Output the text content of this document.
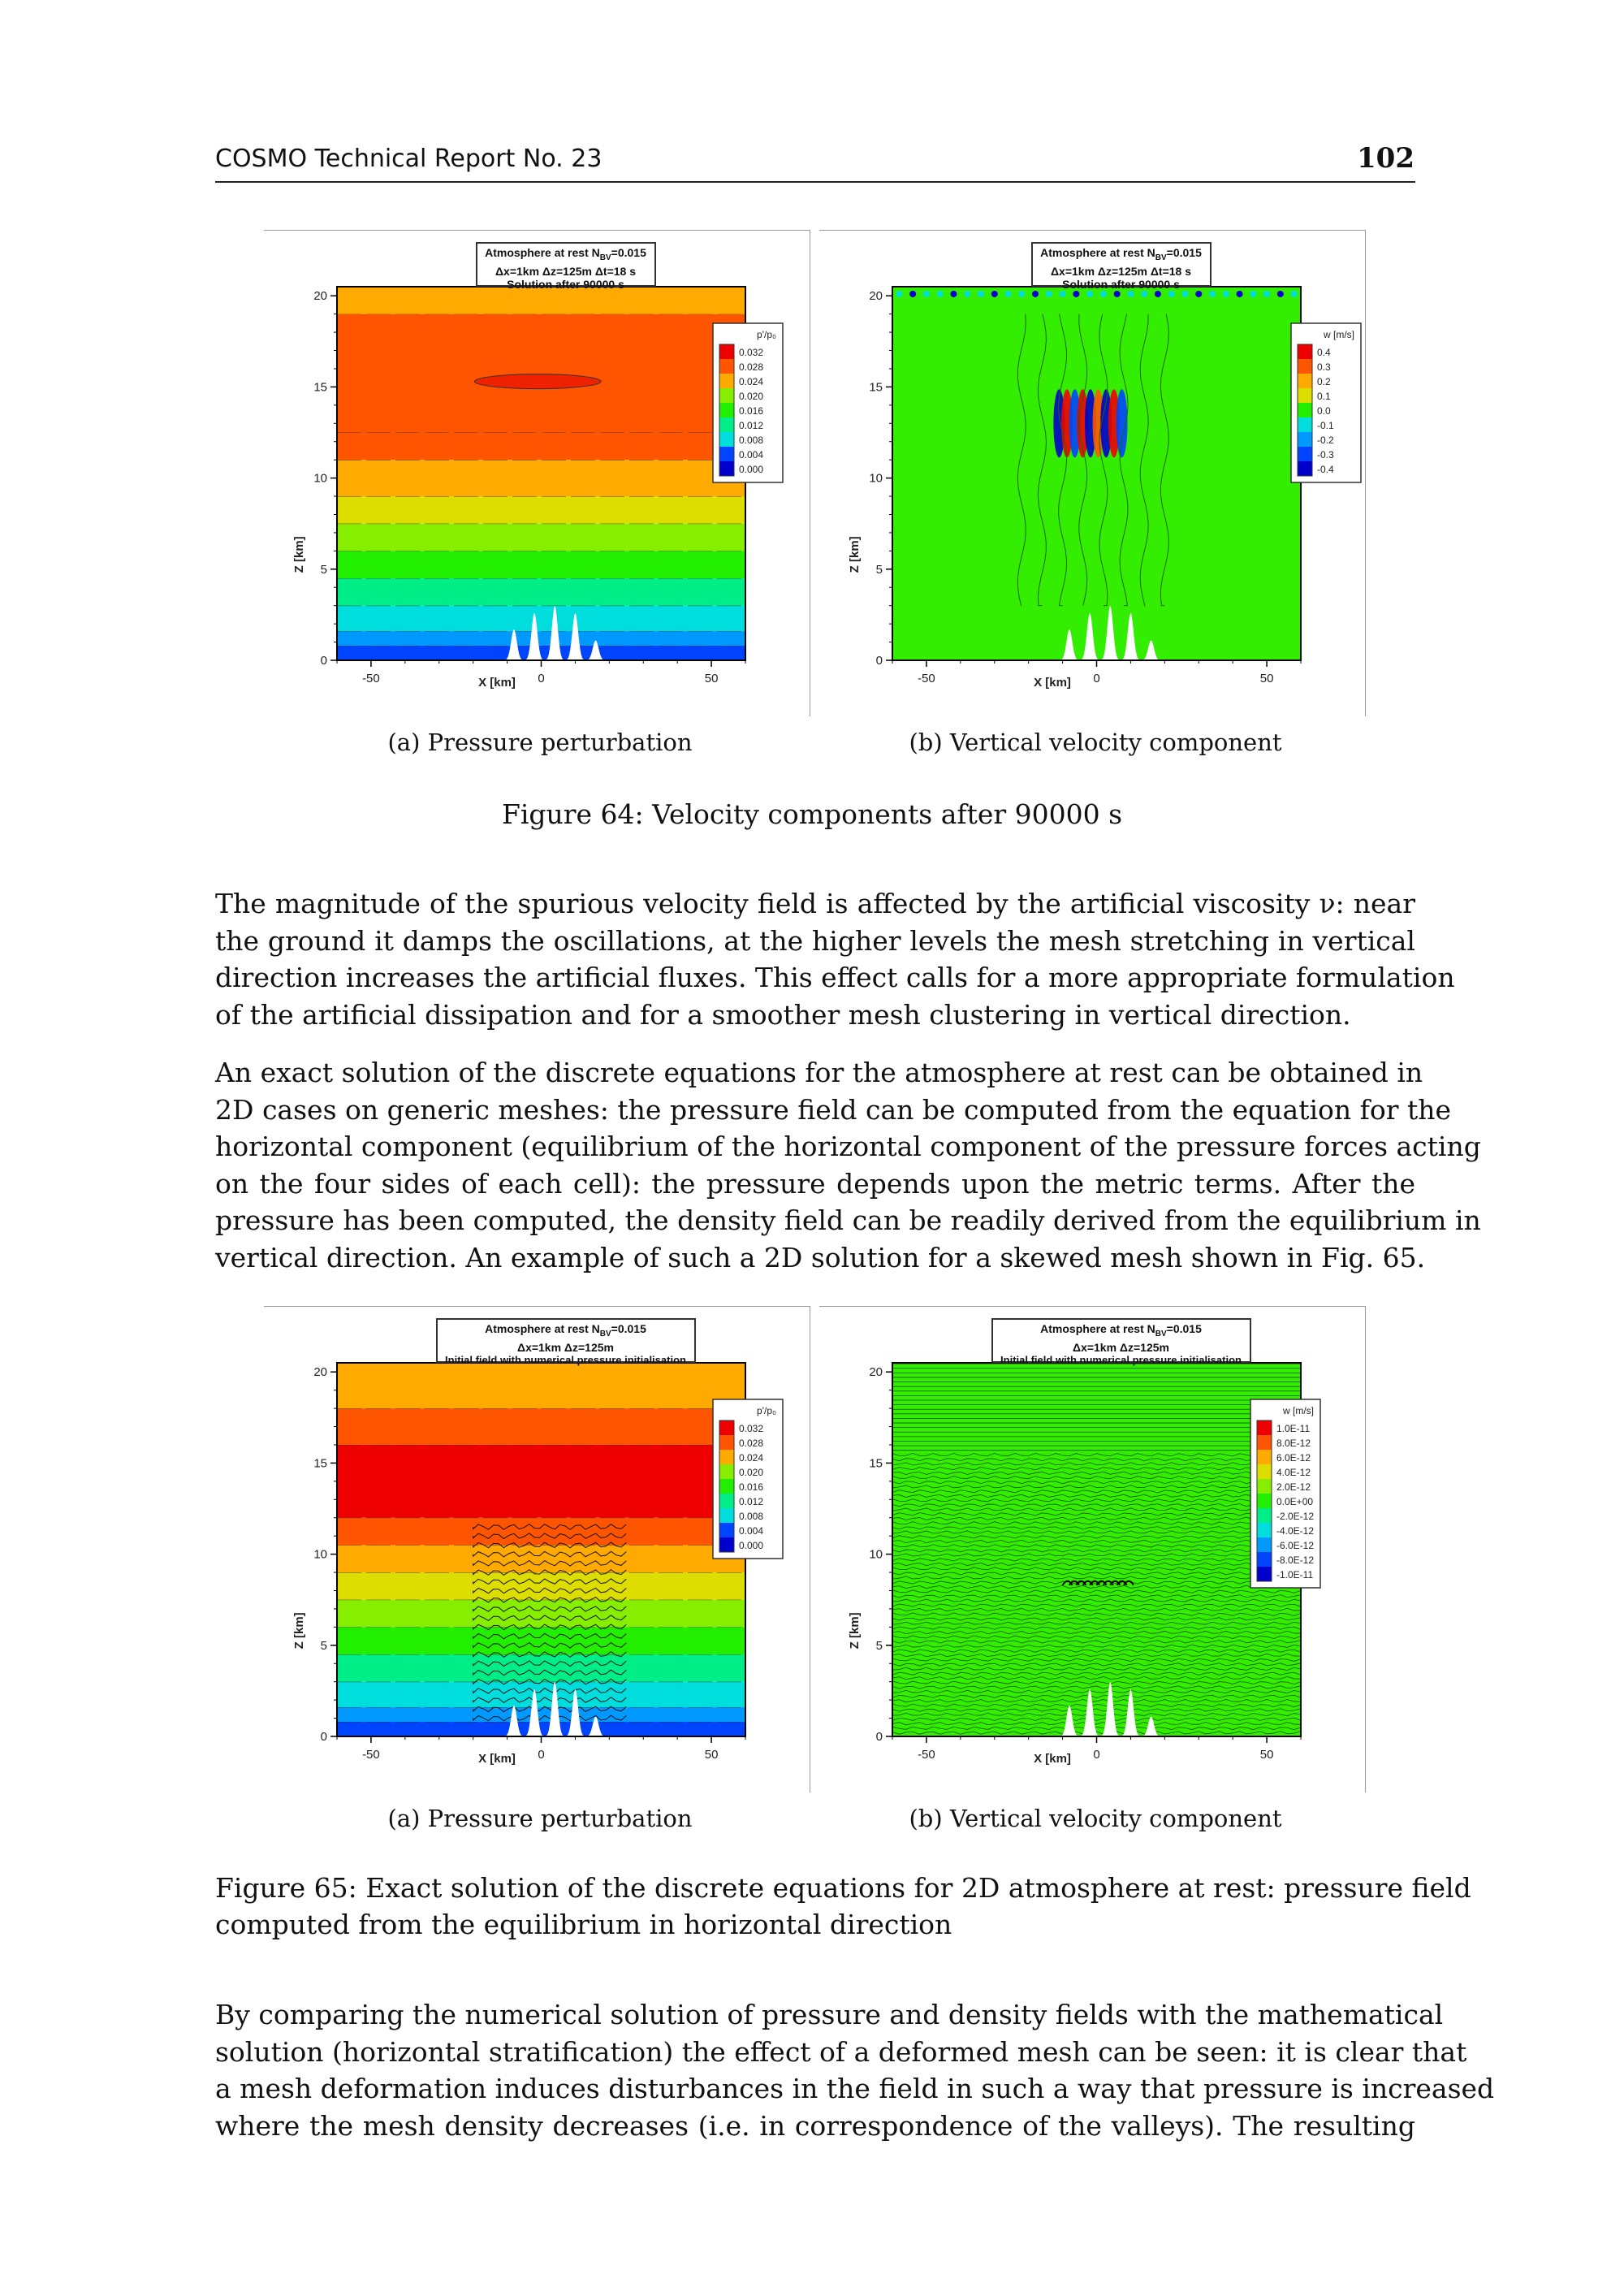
COSMO Technical Report No. 23	102
0
5
10
15
20
-50	0	50
X [km]
Z [km]
p'/p₀
0.032
0.028
0.024
0.020
0.016
0.012
0.008
0.004
0.000
Atmosphere at rest $N_{BV}=0.015$
Δx=1km Δz=125m Δt=18 s
Solution after 90000 s
0
5
10
15
20
-50	0	50
X [km]
Z [km]
w [m/s]
0.4
0.3
0.2
0.1
0.0
-0.1
-0.2
-0.3
-0.4
Atmosphere at rest $N_{BV}=0.015$
Δx=1km Δz=125m Δt=18 s
Solution after 90000 s
(a) Pressure perturbation	(b) Vertical velocity component
Figure 64: Velocity components after 90000 s
The magnitude of the spurious velocity field is affected by the artificial viscosity ν: near
the ground it damps the oscillations, at the higher levels the mesh stretching in vertical
direction increases the artificial fluxes. This effect calls for a more appropriate formulation
of the artificial dissipation and for a smoother mesh clustering in vertical direction.
An exact solution of the discrete equations for the atmosphere at rest can be obtained in
2D cases on generic meshes: the pressure field can be computed from the equation for the
horizontal component (equilibrium of the horizontal component of the pressure forces acting
on the four sides of each cell): the pressure depends upon the metric terms. After the
pressure has been computed, the density field can be readily derived from the equilibrium in
vertical direction. An example of such a 2D solution for a skewed mesh shown in Fig. 65.
0
5
10
15
20
-50	0	50
X [km]
Z [km]
p'/p₀
0.032
0.028
0.024
0.020
0.016
0.012
0.008
0.004
0.000
Atmosphere at rest $N_{BV}=0.015$
Δx=1km Δz=125m
Initial field with numerical pressure initialisation
0
5
10
15
20
-50	0	50
X [km]
Z [km]
w [m/s]
1.0E-11
8.0E-12
6.0E-12
4.0E-12
2.0E-12
0.0E+00
-2.0E-12
-4.0E-12
-6.0E-12
-8.0E-12
-1.0E-11
Atmosphere at rest $N_{BV}=0.015$
Δx=1km Δz=125m
Initial field with numerical pressure initialisation
(a) Pressure perturbation	(b) Vertical velocity component
Figure 65: Exact solution of the discrete equations for 2D atmosphere at rest: pressure field
computed from the equilibrium in horizontal direction
By comparing the numerical solution of pressure and density fields with the mathematical
solution (horizontal stratification) the effect of a deformed mesh can be seen: it is clear that
a mesh deformation induces disturbances in the field in such a way that pressure is increased
where the mesh density decreases (i.e. in correspondence of the valleys). The resulting
